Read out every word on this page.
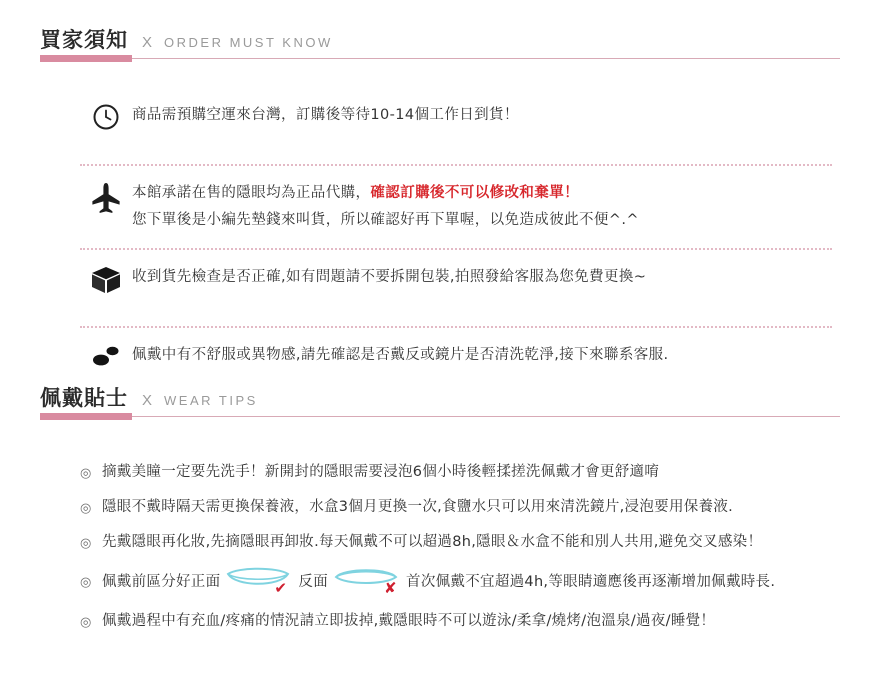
買家須知 X ORDER MUST KNOW
商品需預購空運來台灣，訂購後等待10-14個工作日到貨！
本館承諾在售的隱眼均為正品代購，確認訂購後不可以修改和棄單！
您下單後是小編先墊錢來叫貨，所以確認好再下單喔，以免造成彼此不便^.^
收到貨先檢查是否正確,如有問題請不要拆開包裝,拍照發給客服為您免費更換~
佩戴中有不舒服或異物感,請先確認是否戴反或鏡片是否清洗乾淨,接下來聯系客服.
佩戴貼士 X WEAR TIPS
◎ 摘戴美瞳一定要先洗手！新開封的隱眼需要浸泡6個小時後輕揉搓洗佩戴才會更舒適唷
◎ 隱眼不戴時隔天需更換保養液，水盒3個月更換一次,食鹽水只可以用來清洗鏡片,浸泡要用保養液.
◎ 先戴隱眼再化妝,先摘隱眼再卸妝.每天佩戴不可以超過8h,隱眼＆水盒不能和別人共用,避免交叉感染！
◎ 佩戴前區分好正面	✔ 反面	✘ 首次佩戴不宜超過4h,等眼睛適應後再逐漸增加佩戴時長.
◎ 佩戴過程中有充血/疼痛的情況請立即拔掉,戴隱眼時不可以遊泳/柔拿/燒烤/泡溫泉/過夜/睡覺！
